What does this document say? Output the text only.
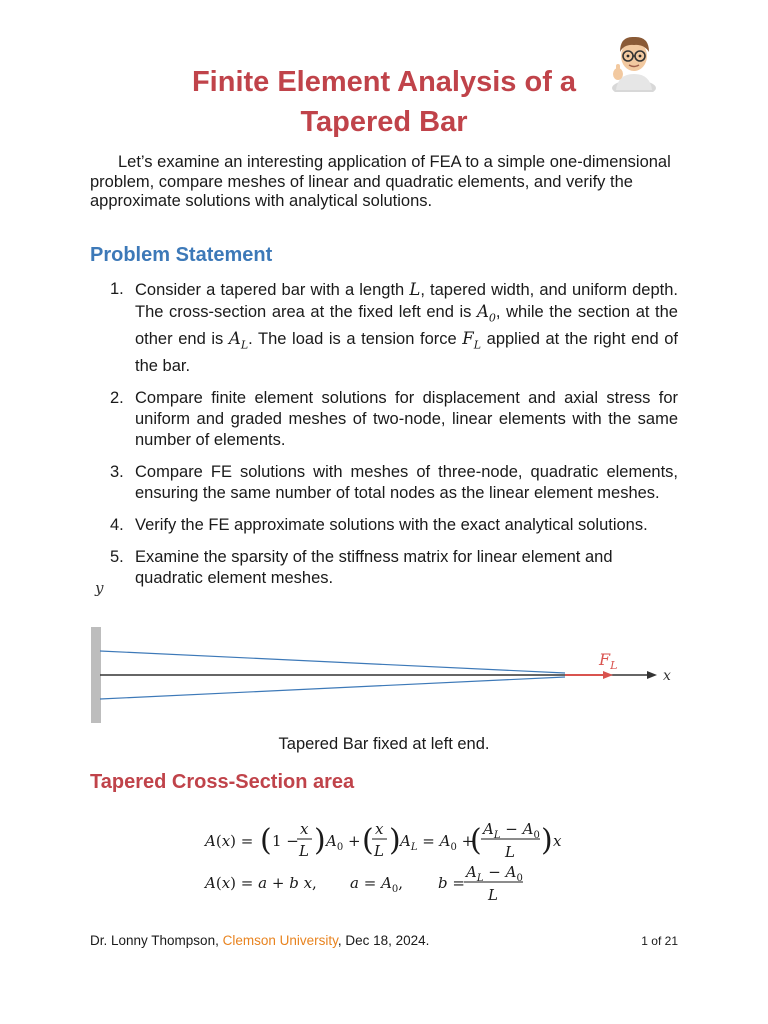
Finite Element Analysis of a
Tapered Bar

Let’s examine an interesting application of FEA to a simple one-dimensional problem, compare meshes of linear and quadratic elements, and verify the approximate solutions with analytical solutions.

Problem Statement
1. Consider a tapered bar with a length L, tapered width, and uniform depth. The cross-section area at the fixed left end is $A_0$, while the section at the other end is $A_L$. The load is a tension force $F_L$ applied at the right end of the bar.
2. Compare finite element solutions for displacement and axial stress for uniform and graded meshes of two-node, linear elements with the same number of elements.
3. Compare FE solutions with meshes of three-node, quadratic elements, ensuring the same number of total nodes as the linear element meshes.
4. Verify the FE approximate solutions with the exact analytical solutions.
5. Examine the sparsity of the stiffness matrix for linear element and quadratic element meshes.
y
x
$F_L$

Tapered Bar fixed at left end.

Tapered Cross-Section area
A(x) = ( 1 −
x
L ) $A_0$ + ( x
L ) $A_L = A_0$ +
( $A_L - A_0$
L ) x
A(x) = a + b x, $a = A_0$, b =
$A_L - A_0$
L
Dr. Lonny Thompson, Clemson University, Dec 18, 2024.	1 of 21
